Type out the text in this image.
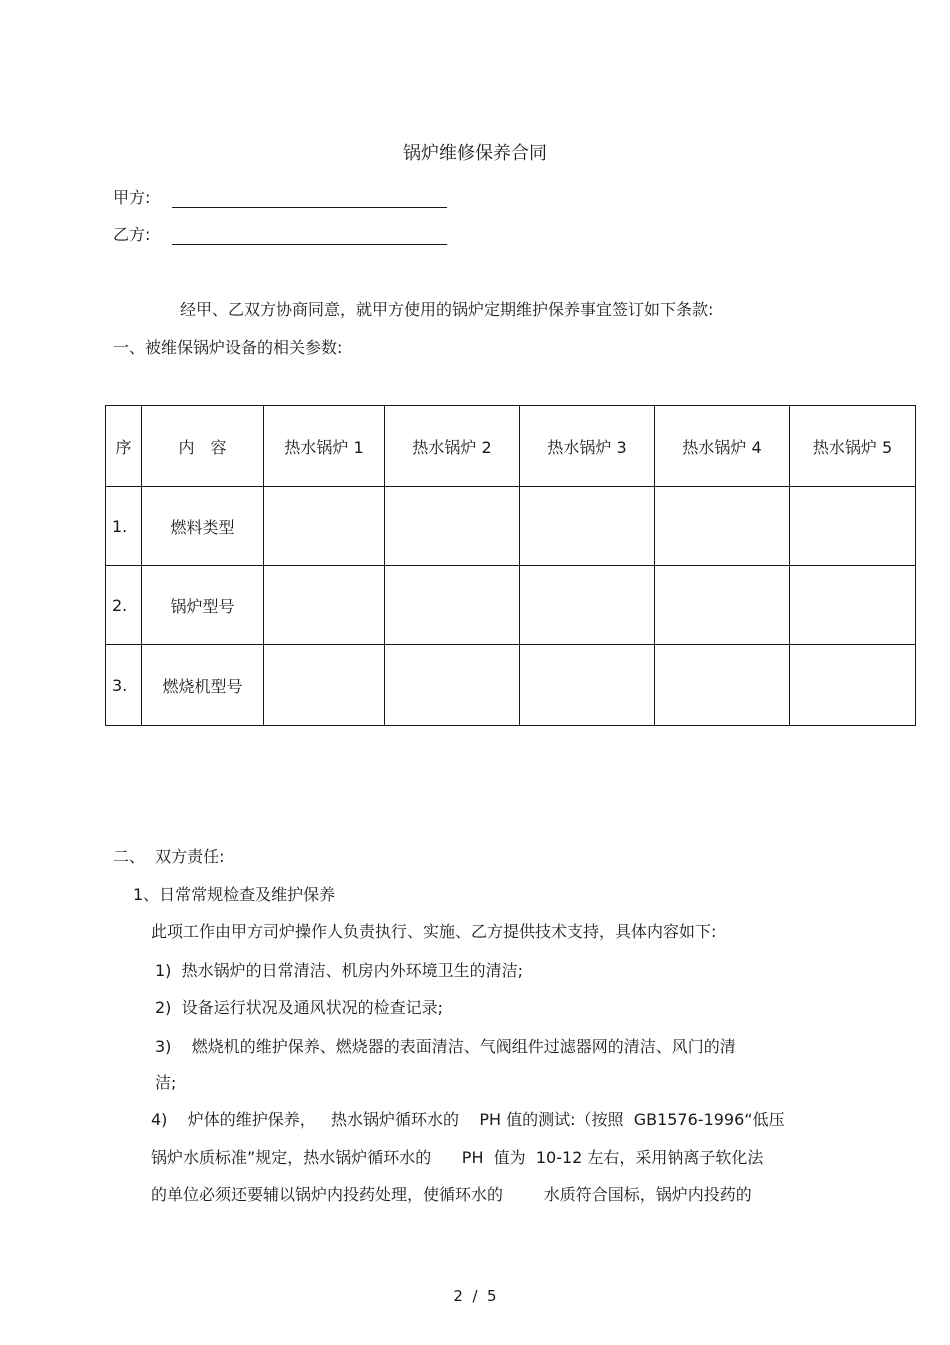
锅炉维修保养合同
甲方:
乙方:
经甲、乙双方协商同意，就甲方使用的锅炉定期维护保养事宜签订如下条款:
一、被维保锅炉设备的相关参数:
序	内　容	热水锅炉 1	热水锅炉 2	热水锅炉 3	热水锅炉 4	热水锅炉 5
1.	燃料类型					
2.	锅炉型号					
3.	燃烧机型号					
二、  双方责任:
1、日常常规检查及维护保养
此项工作由甲方司炉操作人负责执行、实施、乙方提供技术支持，具体内容如下:
1)  热水锅炉的日常清洁、机房内外环境卫生的清洁;
2)  设备运行状况及通风状况的检查记录;
3)    燃烧机的维护保养、燃烧器的表面清洁、气阀组件过滤器网的清洁、风门的清
洁;
4)    炉体的维护保养，   热水锅炉循环水的    PH 值的测试:（按照  GB1576-1996“低压
锅炉水质标准”规定，热水锅炉循环水的      PH  值为  10-12 左右，采用钠离子软化法
的单位必须还要辅以锅炉内投药处理，使循环水的        水质符合国标，锅炉内投药的
2  /  5
